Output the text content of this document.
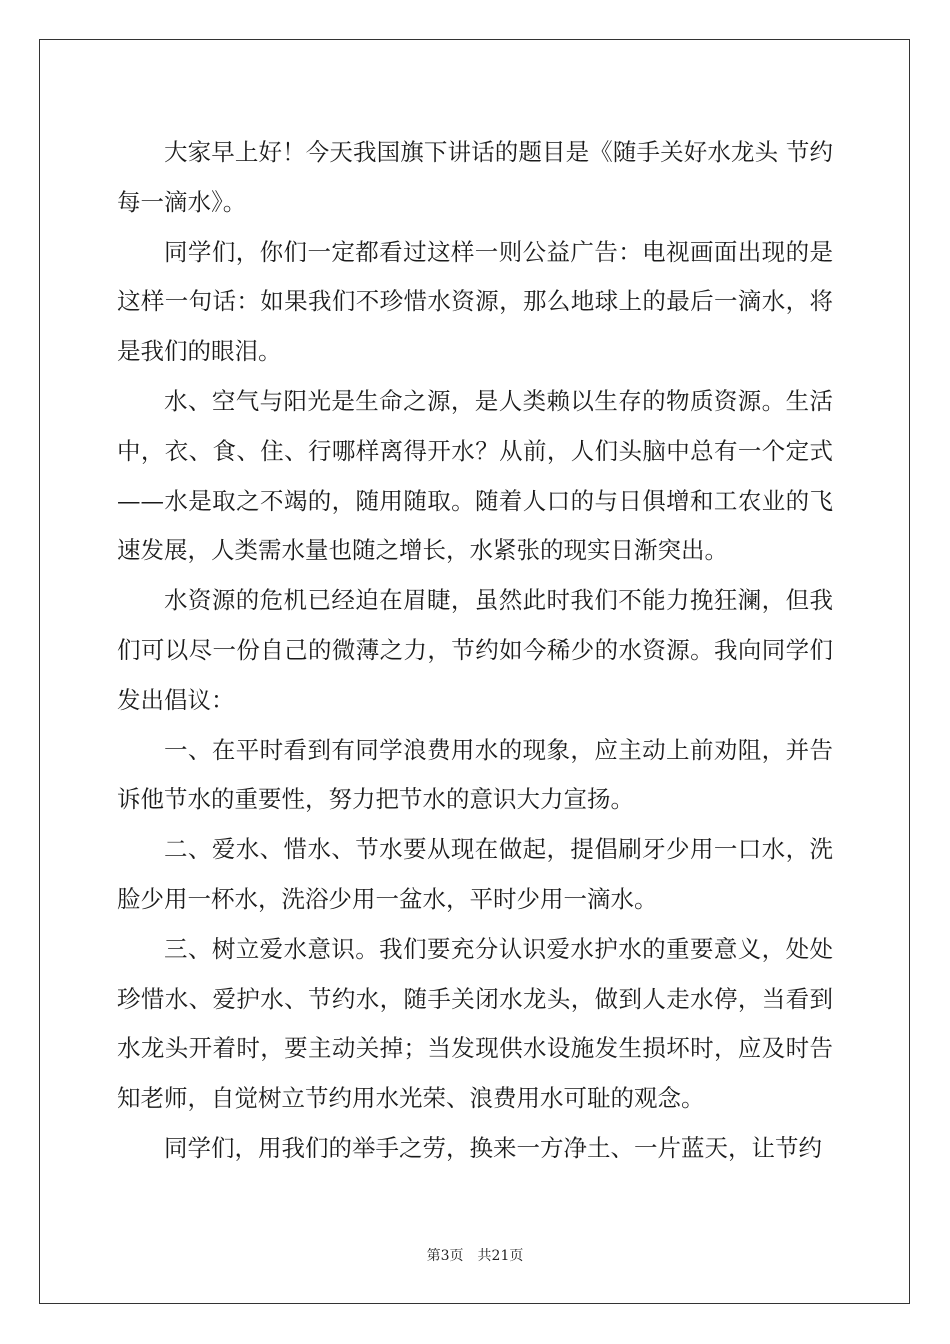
大家早上好！今天我国旗下讲话的题目是《随手关好水龙头 节约每一滴水》。

同学们，你们一定都看过这样一则公益广告：电视画面出现的是这样一句话：如果我们不珍惜水资源，那么地球上的最后一滴水，将是我们的眼泪。

水、空气与阳光是生命之源，是人类赖以生存的物质资源。生活中，衣、食、住、行哪样离得开水？从前，人们头脑中总有一个定式——水是取之不竭的，随用随取。随着人口的与日俱增和工农业的飞速发展，人类需水量也随之增长，水紧张的现实日渐突出。

水资源的危机已经迫在眉睫，虽然此时我们不能力挽狂澜，但我们可以尽一份自己的微薄之力，节约如今稀少的水资源。我向同学们发出倡议：

一、在平时看到有同学浪费用水的现象，应主动上前劝阻，并告诉他节水的重要性，努力把节水的意识大力宣扬。

二、爱水、惜水、节水要从现在做起，提倡刷牙少用一口水，洗脸少用一杯水，洗浴少用一盆水，平时少用一滴水。

三、树立爱水意识。我们要充分认识爱水护水的重要意义，处处珍惜水、爱护水、节约水，随手关闭水龙头，做到人走水停，当看到水龙头开着时，要主动关掉；当发现供水设施发生损坏时，应及时告知老师，自觉树立节约用水光荣、浪费用水可耻的观念。

同学们，用我们的举手之劳，换来一方净土、一片蓝天，让节约

第3页 共21页
